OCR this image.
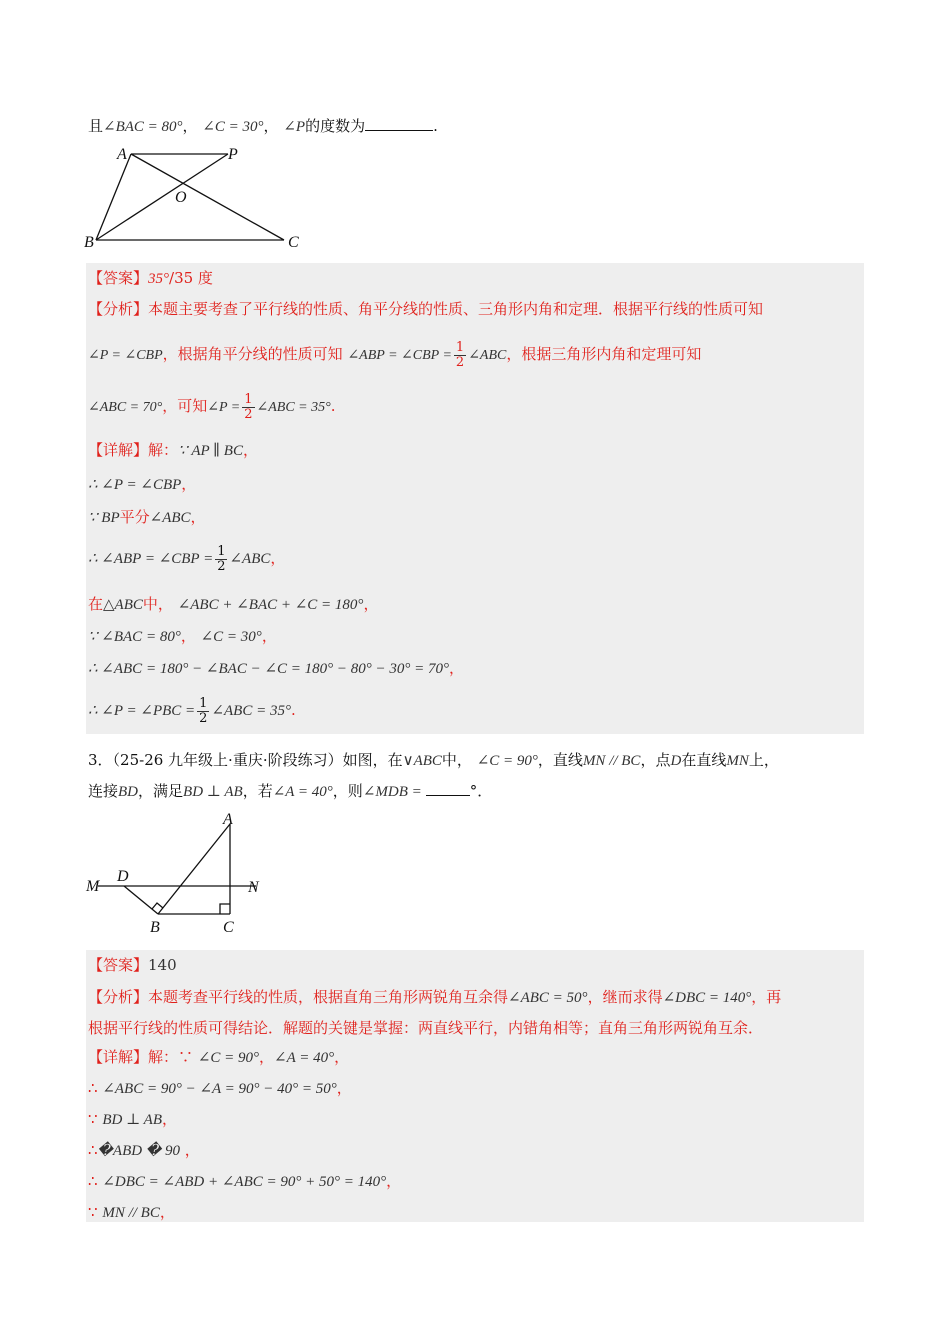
且∠BAC = 80°， ∠C = 30°， ∠P的度数为	.
A	P
O
B	C
【答案】35°/35 度
【分析】本题主要考查了平行线的性质、角平分线的性质、三角形内角和定理．根据平行线的性质可知
∠P = ∠CBP，根据角平分线的性质可知 ∠ABP = ∠CBP = $\frac{1}{2}$ ∠ABC，根据三角形内角和定理可知
∠ABC = 70°，可知∠P = $\frac{1}{2}$ ∠ABC = 35°.
【详解】解：∵ AP ∥ BC，
∴ ∠P = ∠CBP，
∵ BP平分∠ABC，
∴ ∠ABP = ∠CBP = $\frac{1}{2}$ ∠ABC，
在△ABC中， ∠ABC + ∠BAC + ∠C = 180°，
∵ ∠BAC = 80°， ∠C = 30°，
∴ ∠ABC = 180° − ∠BAC − ∠C = 180° − 80° − 30° = 70°，
∴ ∠P = ∠PBC = $\frac{1}{2}$ ∠ABC = 35°.
3．（25-26 九年级上·重庆·阶段练习）如图，在∨ABC中， ∠C = 90°，直线MN // BC，点D在直线MN上，
连接BD，满足BD ⊥ AB，若∠A = 40°，则∠MDB =	°．
A
M
D
N
B	C
【答案】140
【分析】本题考查平行线的性质，根据直角三角形两锐角互余得∠ABC = 50°，继而求得∠DBC = 140°，再
根据平行线的性质可得结论．解题的关键是掌握：两直线平行，内错角相等；直角三角形两锐角互余．
【详解】解：∵ ∠C = 90°，∠A = 40°，
∴ ∠ABC = 90° − ∠A = 90° − 40° = 50°，
∵ BD ⊥ AB，
∴�ABD � 90 ，
∴ ∠DBC = ∠ABD + ∠ABC = 90° + 50° = 140°，
∵ MN // BC，
